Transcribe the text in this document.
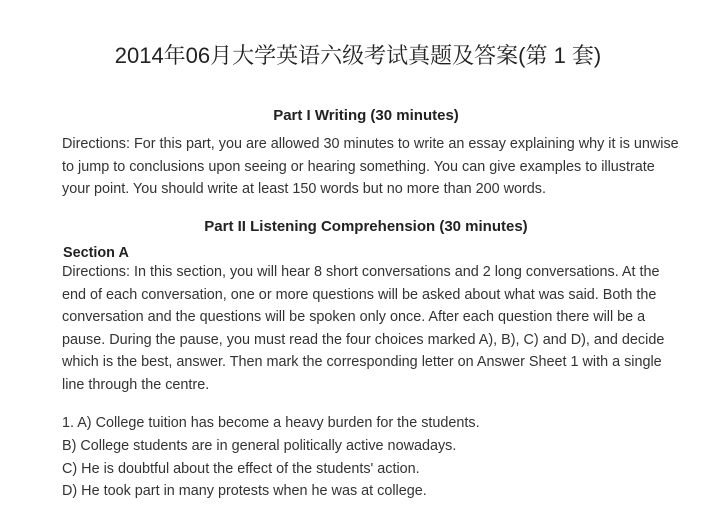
2014年06月大学英语六级考试真题及答案(第 1 套)
Part I Writing (30 minutes)

Directions: For this part, you are allowed 30 minutes to write an essay explaining why it is unwise to jump to conclusions upon seeing or hearing something. You can give examples to illustrate your point. You should write at least 150 words but no more than 200 words.

Part II Listening Comprehension (30 minutes)
Section A

Directions: In this section, you will hear 8 short conversations and 2 long conversations. At the end of each conversation, one or more questions will be asked about what was said. Both the conversation and the questions will be spoken only once. After each question there will be a pause. During the pause, you must read the four choices marked A), B), C) and D), and decide which is the best, answer. Then mark the corresponding letter on Answer Sheet 1 with a single line through the centre.

1. A) College tuition has become a heavy burden for the students.
B) College students are in general politically active nowadays.
C) He is doubtful about the effect of the students' action.
D) He took part in many protests when he was at college.
